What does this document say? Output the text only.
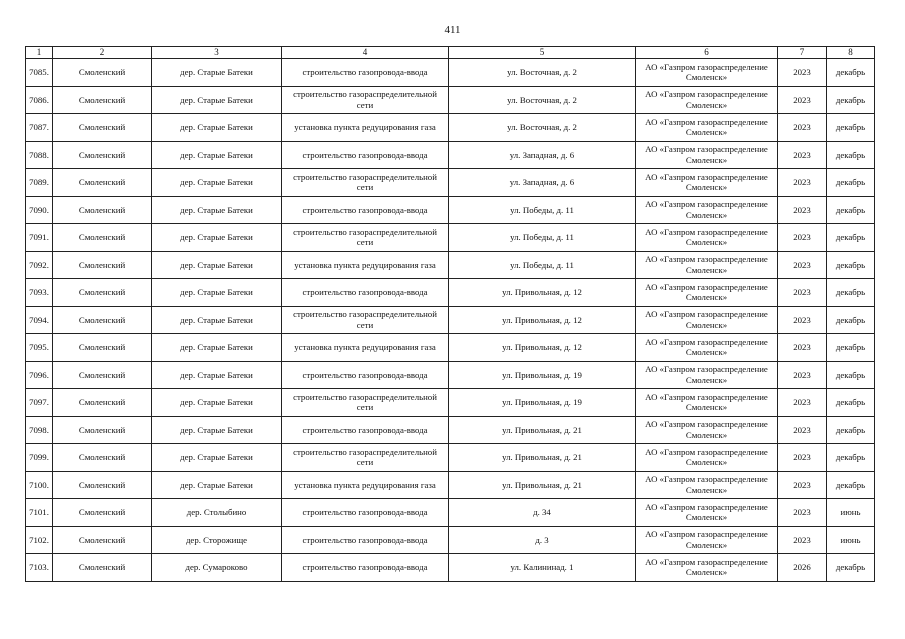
411
1	2	3	4	5	6	7	8
7085.	Смоленский	дер. Старые Батеки	строительство газопровода-ввода	ул. Восточная, д. 2	АО «Газпром газораспределение Смоленск»	2023	декабрь
7086.	Смоленский	дер. Старые Батеки	строительство газораспределительной сети	ул. Восточная, д. 2	АО «Газпром газораспределение Смоленск»	2023	декабрь
7087.	Смоленский	дер. Старые Батеки	установка пункта редуцирования газа	ул. Восточная, д. 2	АО «Газпром газораспределение Смоленск»	2023	декабрь
7088.	Смоленский	дер. Старые Батеки	строительство газопровода-ввода	ул. Западная, д. 6	АО «Газпром газораспределение Смоленск»	2023	декабрь
7089.	Смоленский	дер. Старые Батеки	строительство газораспределительной сети	ул. Западная, д. 6	АО «Газпром газораспределение Смоленск»	2023	декабрь
7090.	Смоленский	дер. Старые Батеки	строительство газопровода-ввода	ул. Победы, д. 11	АО «Газпром газораспределение Смоленск»	2023	декабрь
7091.	Смоленский	дер. Старые Батеки	строительство газораспределительной сети	ул. Победы, д. 11	АО «Газпром газораспределение Смоленск»	2023	декабрь
7092.	Смоленский	дер. Старые Батеки	установка пункта редуцирования газа	ул. Победы, д. 11	АО «Газпром газораспределение Смоленск»	2023	декабрь
7093.	Смоленский	дер. Старые Батеки	строительство газопровода-ввода	ул. Привольная, д. 12	АО «Газпром газораспределение Смоленск»	2023	декабрь
7094.	Смоленский	дер. Старые Батеки	строительство газораспределительной сети	ул. Привольная, д. 12	АО «Газпром газораспределение Смоленск»	2023	декабрь
7095.	Смоленский	дер. Старые Батеки	установка пункта редуцирования газа	ул. Привольная, д. 12	АО «Газпром газораспределение Смоленск»	2023	декабрь
7096.	Смоленский	дер. Старые Батеки	строительство газопровода-ввода	ул. Привольная, д. 19	АО «Газпром газораспределение Смоленск»	2023	декабрь
7097.	Смоленский	дер. Старые Батеки	строительство газораспределительной сети	ул. Привольная, д. 19	АО «Газпром газораспределение Смоленск»	2023	декабрь
7098.	Смоленский	дер. Старые Батеки	строительство газопровода-ввода	ул. Привольная, д. 21	АО «Газпром газораспределение Смоленск»	2023	декабрь
7099.	Смоленский	дер. Старые Батеки	строительство газораспределительной сети	ул. Привольная, д. 21	АО «Газпром газораспределение Смоленск»	2023	декабрь
7100.	Смоленский	дер. Старые Батеки	установка пункта редуцирования газа	ул. Привольная, д. 21	АО «Газпром газораспределение Смоленск»	2023	декабрь
7101.	Смоленский	дер. Столыбино	строительство газопровода-ввода	д. 34	АО «Газпром газораспределение Смоленск»	2023	июнь
7102.	Смоленский	дер. Сторожище	строительство газопровода-ввода	д. 3	АО «Газпром газораспределение Смоленск»	2023	июнь
7103.	Смоленский	дер. Сумароково	строительство газопровода-ввода	ул. Калининад. 1	АО «Газпром газораспределение Смоленск»	2026	декабрь
